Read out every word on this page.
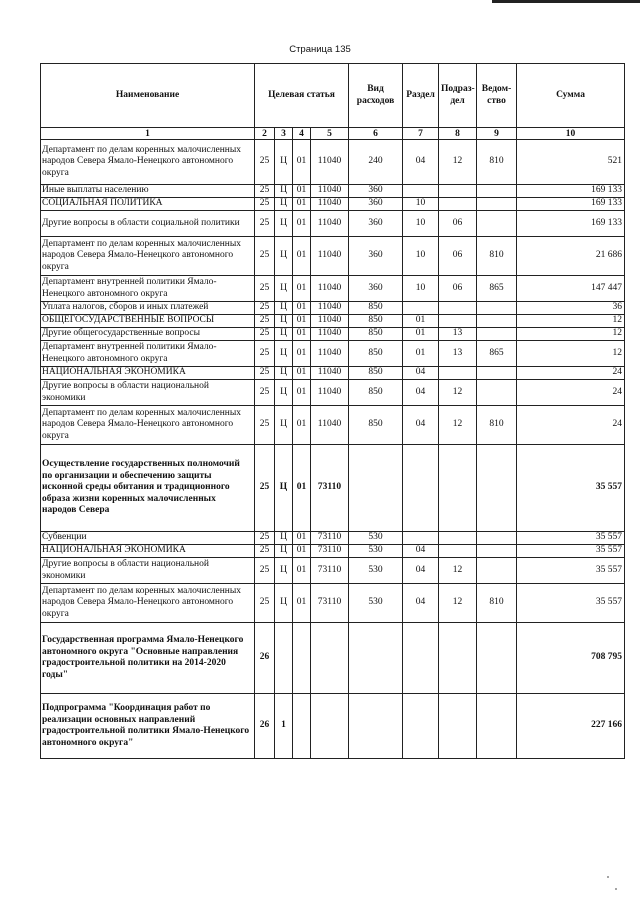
Страница 135
Наименование	Целевая статья				Вид расходов	Раздел	Подраз-дел	Ведом-ство	Сумма
1	2	3	4	5	6	7	8	9	10
Департамент по делам коренных малочисленных народов Севера Ямало-Ненецкого автономного округа	25	Ц	01	11040	240	04	12	810	521
Иные выплаты населению	25	Ц	01	11040	360				169 133
СОЦИАЛЬНАЯ ПОЛИТИКА	25	Ц	01	11040	360	10			169 133
Другие вопросы в области социальной политики	25	Ц	01	11040	360	10	06		169 133
Департамент по делам коренных малочисленных народов Севера Ямало-Ненецкого автономного округа	25	Ц	01	11040	360	10	06	810	21 686
Департамент внутренней политики Ямало-Ненецкого автономного округа	25	Ц	01	11040	360	10	06	865	147 447
Уплата налогов, сборов и иных платежей	25	Ц	01	11040	850				36
ОБЩЕГОСУДАРСТВЕННЫЕ ВОПРОСЫ	25	Ц	01	11040	850	01			12
Другие общегосударственные вопросы	25	Ц	01	11040	850	01	13		12
Департамент внутренней политики Ямало-Ненецкого автономного округа	25	Ц	01	11040	850	01	13	865	12
НАЦИОНАЛЬНАЯ ЭКОНОМИКА	25	Ц	01	11040	850	04			24
Другие вопросы в области национальной экономики	25	Ц	01	11040	850	04	12		24
Департамент по делам коренных малочисленных народов Севера Ямало-Ненецкого автономного округа	25	Ц	01	11040	850	04	12	810	24
Осуществление государственных полномочий по организации и обеспечению защиты исконной среды обитания и традиционного образа жизни коренных малочисленных народов Севера	25	Ц	01	73110					35 557
Субвенции	25	Ц	01	73110	530				35 557
НАЦИОНАЛЬНАЯ ЭКОНОМИКА	25	Ц	01	73110	530	04			35 557
Другие вопросы в области национальной экономики	25	Ц	01	73110	530	04	12		35 557
Департамент по делам коренных малочисленных народов Севера Ямало-Ненецкого автономного округа	25	Ц	01	73110	530	04	12	810	35 557
Государственная программа Ямало-Ненецкого автономного округа "Основные направления градостроительной политики на 2014-2020 годы"	26								708 795
Подпрограмма "Координация работ по реализации основных направлений градостроительной политики Ямало-Ненецкого автономного округа"	26	1							227 166
